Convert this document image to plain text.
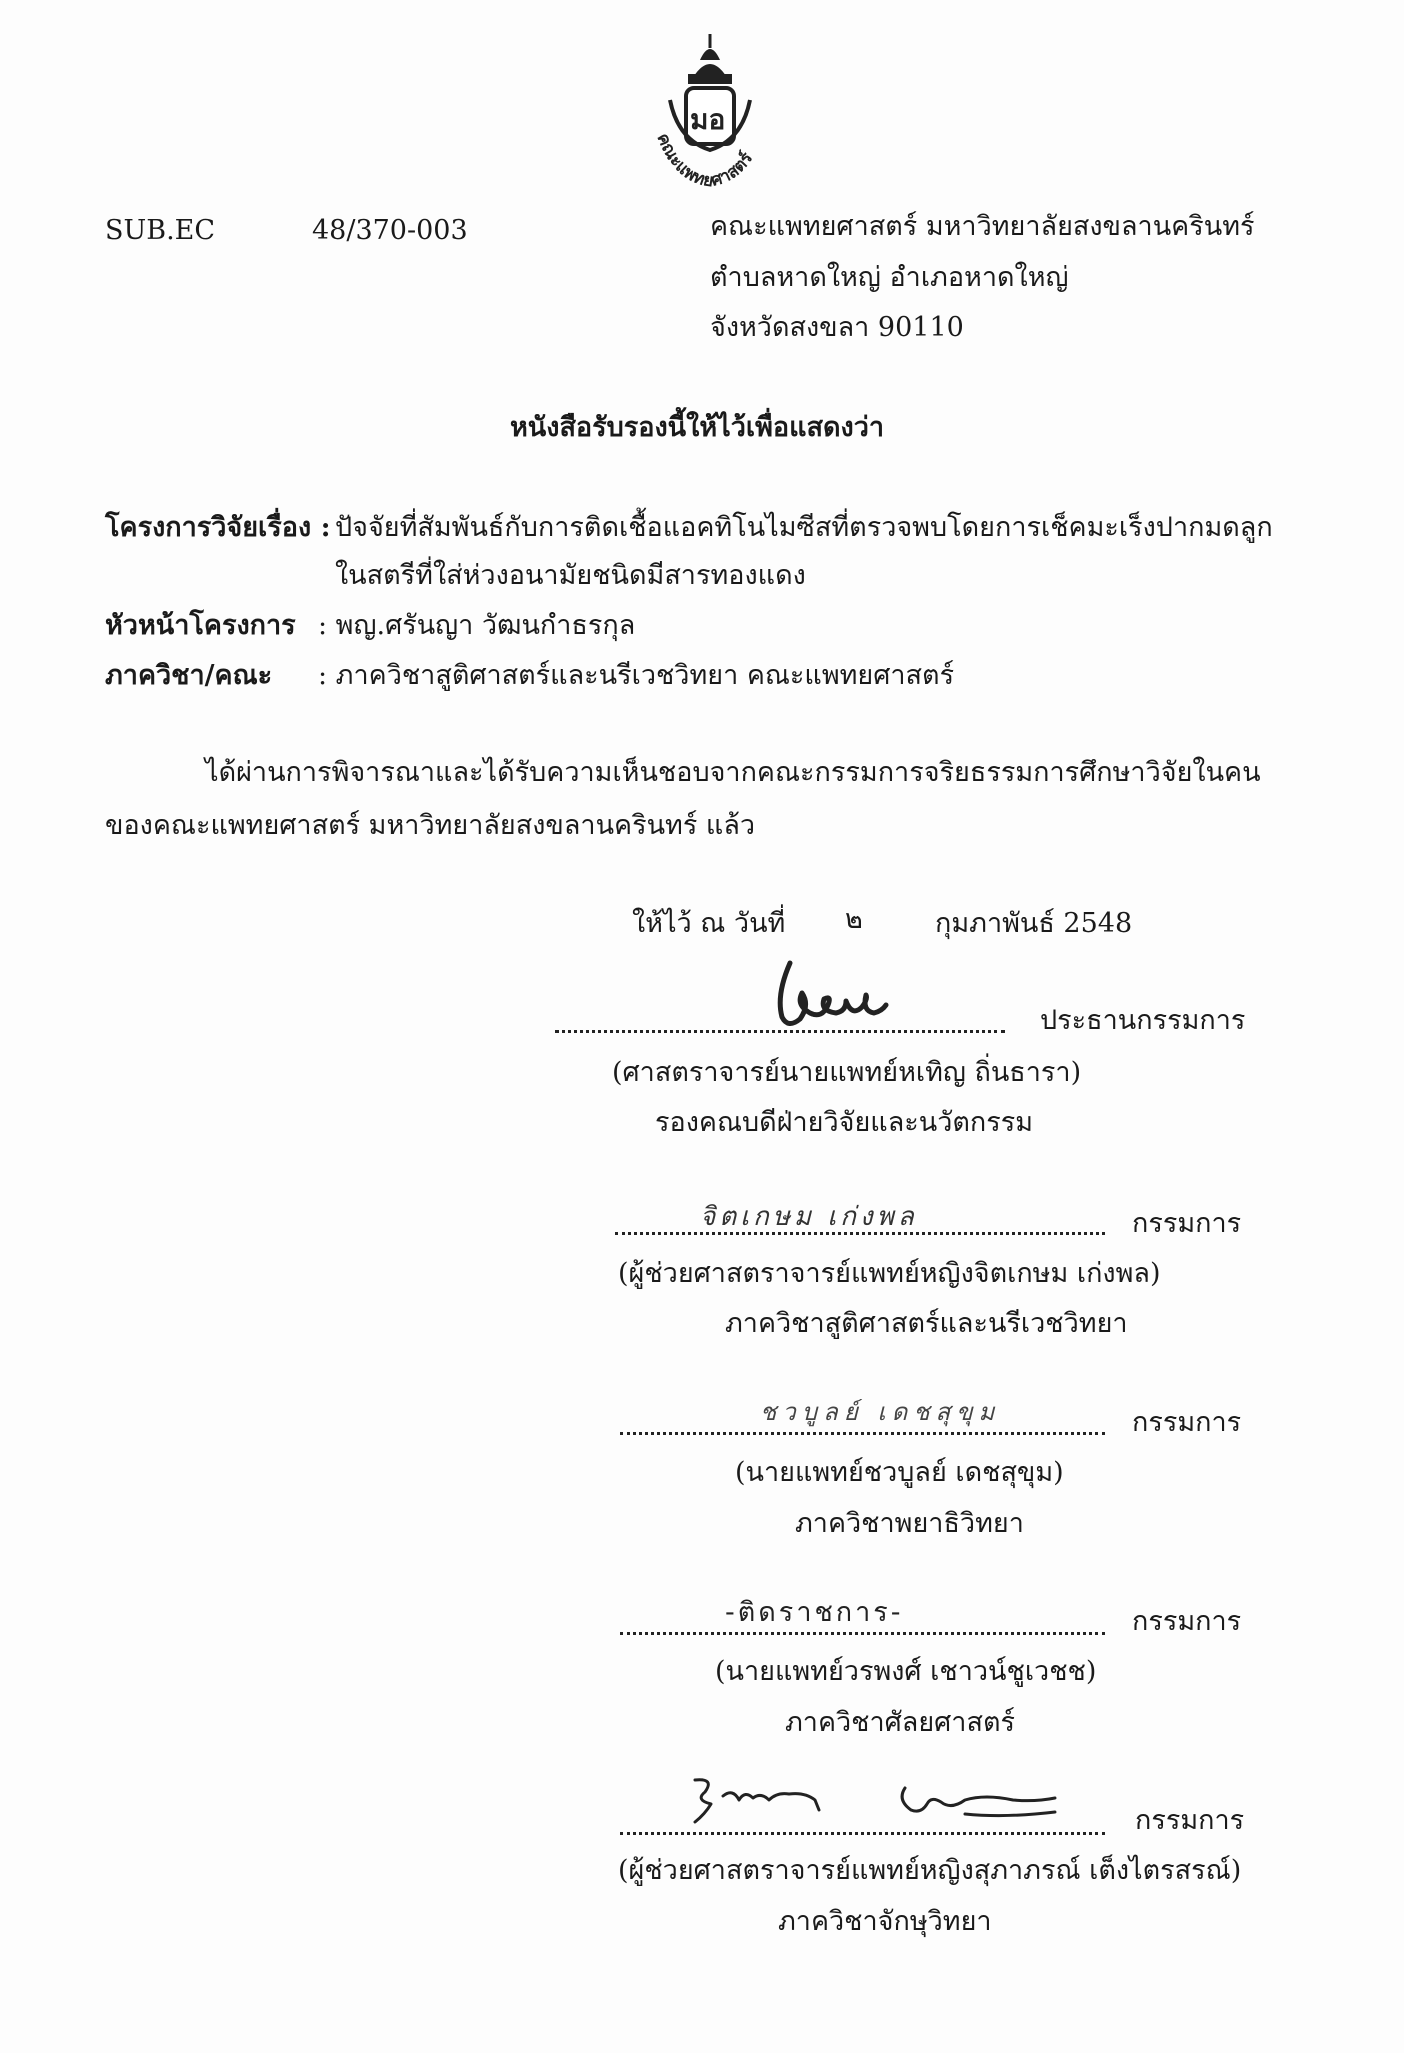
คณะแพทยศาสตร์
มอ
SUB.EC	48/370-003	คณะแพทยศาสตร์ มหาวิทยาลัยสงขลานครินทร์
ตำบลหาดใหญ่ อำเภอหาดใหญ่
จังหวัดสงขลา 90110
หนังสือรับรองนี้ให้ไว้เพื่อแสดงว่า
โครงการวิจัยเรื่อง : ปัจจัยที่สัมพันธ์กับการติดเชื้อแอคทิโนไมซีสที่ตรวจพบโดยการเช็คมะเร็งปากมดลูก
ในสตรีที่ใส่ห่วงอนามัยชนิดมีสารทองแดง
หัวหน้าโครงการ : พญ.ศรันญา วัฒนกำธรกุล
ภาควิชา/คณะ : ภาควิชาสูติศาสตร์และนรีเวชวิทยา คณะแพทยศาสตร์
ได้ผ่านการพิจารณาและได้รับความเห็นชอบจากคณะกรรมการจริยธรรมการศึกษาวิจัยในคน
ของคณะแพทยศาสตร์ มหาวิทยาลัยสงขลานครินทร์ แล้ว
ให้ไว้ ณ วันที่ ๒	กุมภาพันธ์ 2548
ประธานกรรมการ
(ศาสตราจารย์นายแพทย์หเทิญ ถิ่นธารา)
รองคณบดีฝ่ายวิจัยและนวัตกรรม
จิตเกษม เก่งพล	กรรมการ
(ผู้ช่วยศาสตราจารย์แพทย์หญิงจิตเกษม เก่งพล)
ภาควิชาสูติศาสตร์และนรีเวชวิทยา
ชวบูลย์ เดชสุขุม	กรรมการ
(นายแพทย์ชวบูลย์ เดชสุขุม)
ภาควิชาพยาธิวิทยา
-ติดราชการ-	กรรมการ
(นายแพทย์วรพงศ์ เชาวน์ชูเวชช)
ภาควิชาศัลยศาสตร์
กรรมการ
(ผู้ช่วยศาสตราจารย์แพทย์หญิงสุภาภรณ์ เต็งไตรสรณ์)
ภาควิชาจักษุวิทยา
